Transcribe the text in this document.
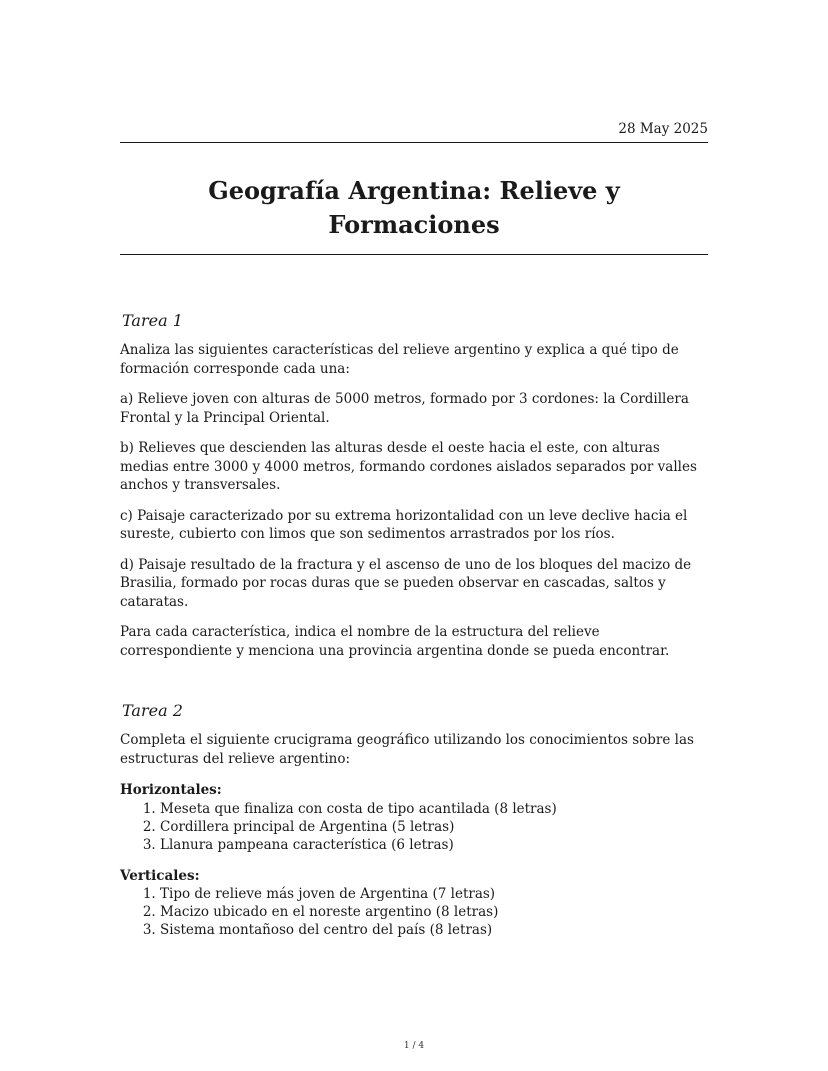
28 May 2025
Geografía Argentina: Relieve y Formaciones
Tarea 1

Analiza las siguientes características del relieve argentino y explica a qué tipo de formación corresponde cada una:

a) Relieve joven con alturas de 5000 metros, formado por 3 cordones: la Cordillera Frontal y la Principal Oriental.

b) Relieves que descienden las alturas desde el oeste hacia el este, con alturas medias entre 3000 y 4000 metros, formando cordones aislados separados por valles anchos y transversales.

c) Paisaje caracterizado por su extrema horizontalidad con un leve declive hacia el sureste, cubierto con limos que son sedimentos arrastrados por los ríos.

d) Paisaje resultado de la fractura y el ascenso de uno de los bloques del macizo de Brasilia, formado por rocas duras que se pueden observar en cascadas, saltos y cataratas.

Para cada característica, indica el nombre de la estructura del relieve correspondiente y menciona una provincia argentina donde se pueda encontrar.

Tarea 2

Completa el siguiente crucigrama geográfico utilizando los conocimientos sobre las estructuras del relieve argentino:

Horizontales:

1. Meseta que finaliza con costa de tipo acantilada (8 letras)
2. Cordillera principal de Argentina (5 letras)
3. Llanura pampeana característica (6 letras)

Verticales:

1. Tipo de relieve más joven de Argentina (7 letras)
2. Macizo ubicado en el noreste argentino (8 letras)
3. Sistema montañoso del centro del país (8 letras)
1 / 4
